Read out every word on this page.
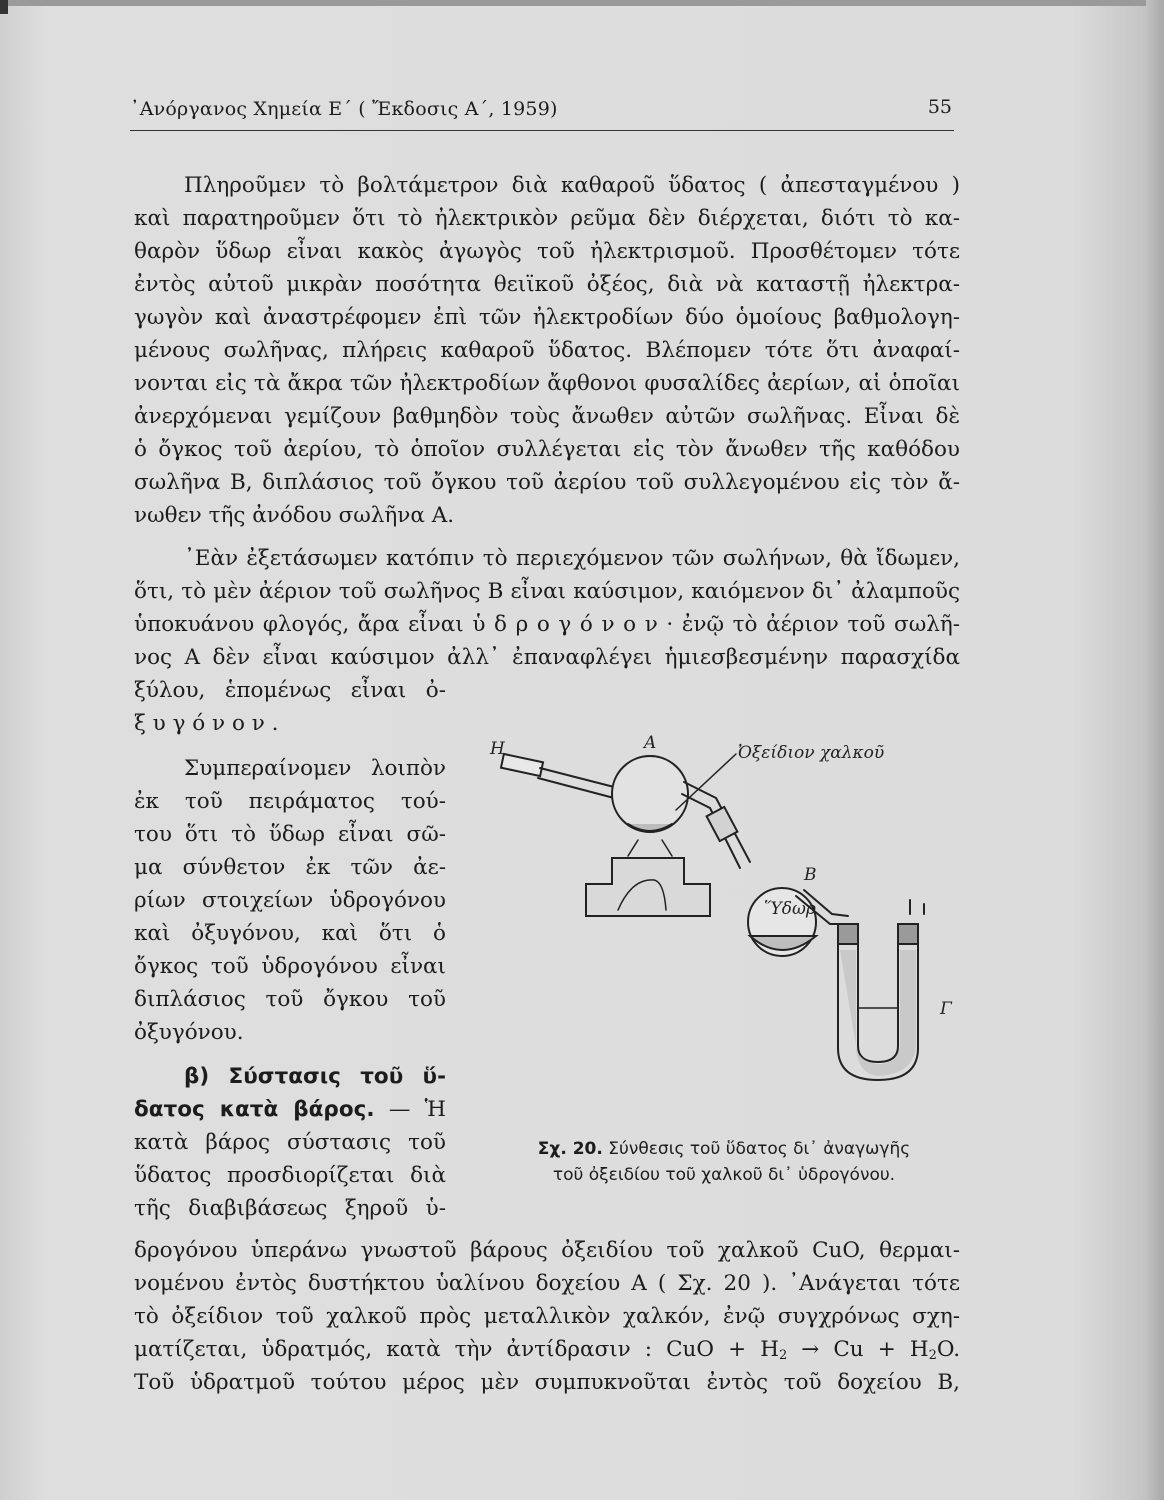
᾿Ανόργανος Χημεία Ε΄ ( Ἔκδοσις Α΄, 1959)	55
Πληροῦμεν τὸ βολτάμετρον διὰ καθαροῦ ὕδατος ( ἀπεσταγμένου )
καὶ παρατηροῦμεν ὅτι τὸ ἠλεκτρικὸν ρεῦμα δὲν διέρχεται, διότι τὸ κα-
θαρὸν ὕδωρ εἶναι κακὸς ἀγωγὸς τοῦ ἠλεκτρισμοῦ. Προσθέτομεν τότε
ἐντὸς αὐτοῦ μικρὰν ποσότητα θειϊκοῦ ὀξέος, διὰ νὰ καταστῇ ἠλεκτρα-
γωγὸν καὶ ἀναστρέφομεν ἐπὶ τῶν ἠλεκτροδίων δύο ὁμοίους βαθμολογη-
μένους σωλῆνας, πλήρεις καθαροῦ ὕδατος. Βλέπομεν τότε ὅτι ἀναφαί-
νονται εἰς τὰ ἄκρα τῶν ἠλεκτροδίων ἄφθονοι φυσαλίδες ἀερίων, αἱ ὁποῖαι
ἀνερχόμεναι γεμίζουν βαθμηδὸν τοὺς ἄνωθεν αὐτῶν σωλῆνας. Εἶναι δὲ
ὁ ὄγκος τοῦ ἀερίου, τὸ ὁποῖον συλλέγεται εἰς τὸν ἄνωθεν τῆς καθόδου
σωλῆνα Β, διπλάσιος τοῦ ὄγκου τοῦ ἀερίου τοῦ συλλεγομένου εἰς τὸν ἄ-
νωθεν τῆς ἀνόδου σωλῆνα Α.
᾿Εὰν ἐξετάσωμεν κατόπιν τὸ περιεχόμενον τῶν σωλήνων, θὰ ἴδωμεν,
ὅτι, τὸ μὲν ἀέριον τοῦ σωλῆνος Β εἶναι καύσιμον, καιόμενον δι᾿ ἀλαμποῦς
ὑποκυάνου φλογός, ἄρα εἶναι ὑ δ ρ ο γ ό ν ο ν · ἐνῷ τὸ ἀέριον τοῦ σωλῆ-
νος Α δὲν εἶναι καύσιμον ἀλλ᾿ ἐπαναφλέγει ἡμιεσβεσμένην παρασχίδα
ξύλου, ἑπομένως εἶναι ὀ-
ξ υ γ ό ν ο ν .
Συμπεραίνομεν λοιπὸν
ἐκ τοῦ πειράματος τού-
του ὅτι τὸ ὕδωρ εἶναι σῶ-
μα σύνθετον ἐκ τῶν ἀε-
ρίων στοιχείων ὑδρογόνου
καὶ ὀξυγόνου, καὶ ὅτι ὁ
ὄγκος τοῦ ὑδρογόνου εἶναι
διπλάσιος τοῦ ὄγκου τοῦ
ὀξυγόνου.
β) Σύστασις τοῦ ὕ-
δατος κατὰ βάρος. — Ἡ
κατὰ βάρος σύστασις τοῦ
ὕδατος προσδιορίζεται διὰ
τῆς διαβιβάσεως ξηροῦ ὑ-
δρογόνου ὑπεράνω γνωστοῦ βάρους ὀξειδίου τοῦ χαλκοῦ CuO, θερμαι-
νομένου ἐντὸς δυστήκτου ὑαλίνου δοχείου Α ( Σχ. 20 ). ᾿Ανάγεται τότε
τὸ ὀξείδιον τοῦ χαλκοῦ πρὸς μεταλλικὸν χαλκόν, ἐνῷ συγχρόνως σχη-
ματίζεται, ὑδρατμός, κατὰ τὴν ἀντίδρασιν : CuO + $H_2 \to Cu + H_2O$.
Τοῦ ὑδρατμοῦ τούτου μέρος μὲν συμπυκνοῦται ἐντὸς τοῦ δοχείου Β,
H	A	Ὀξείδιον χαλκοῦ
B
Ὕδωρ
Γ
Σχ. 20. Σύνθεσις τοῦ ὕδατος δι᾿ ἀναγωγῆς
τοῦ ὀξειδίου τοῦ χαλκοῦ δι᾿ ὑδρογόνου.
